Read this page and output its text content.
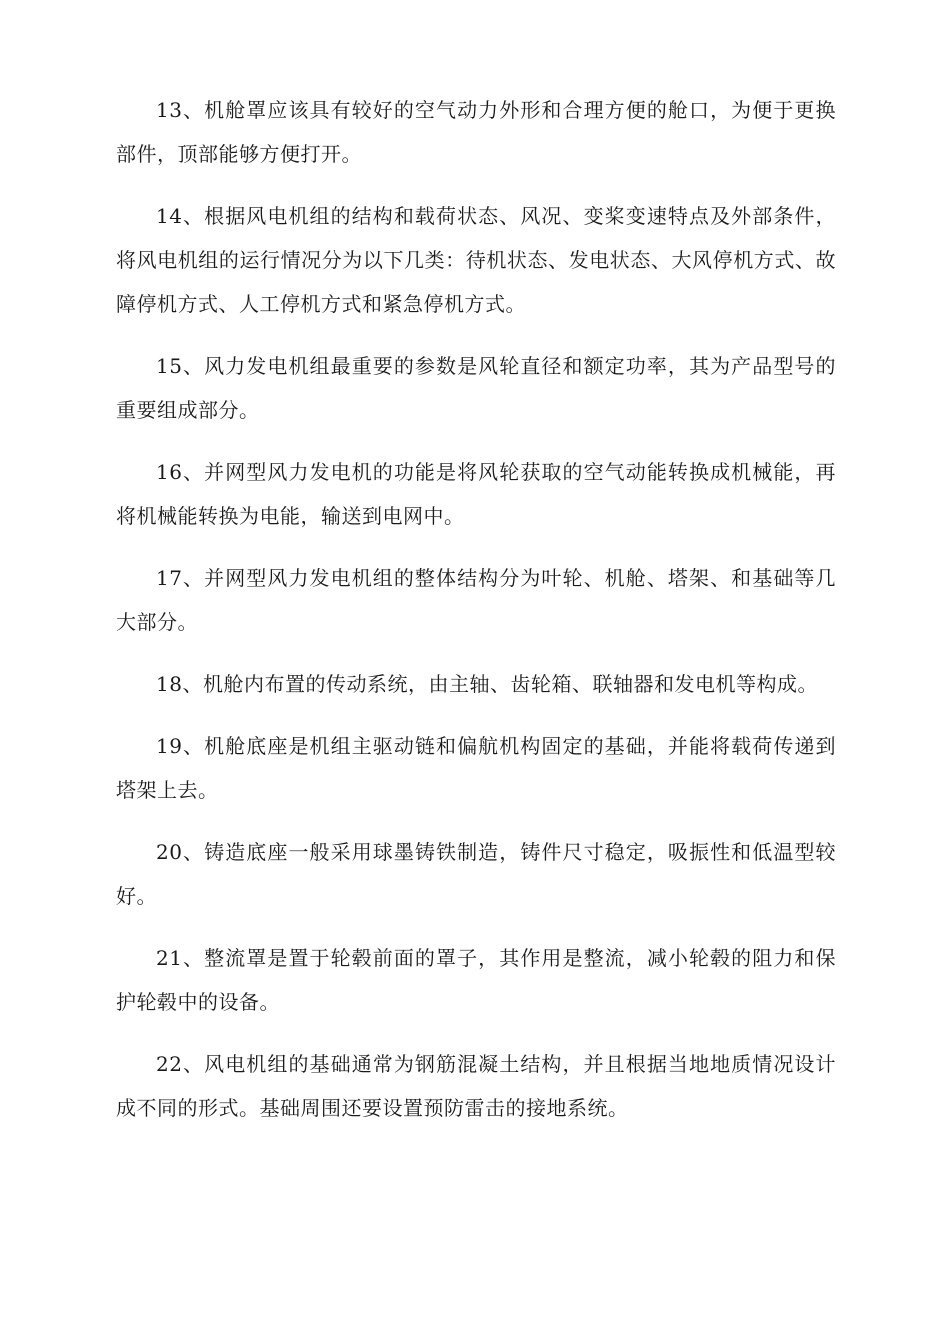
13、机舱罩应该具有较好的空气动力外形和合理方便的舱口，为便于更换部件，顶部能够方便打开。

14、根据风电机组的结构和载荷状态、风况、变桨变速特点及外部条件，将风电机组的运行情况分为以下几类：待机状态、发电状态、大风停机方式、故障停机方式、人工停机方式和紧急停机方式。

15、风力发电机组最重要的参数是风轮直径和额定功率，其为产品型号的重要组成部分。

16、并网型风力发电机的功能是将风轮获取的空气动能转换成机械能，再将机械能转换为电能，输送到电网中。

17、并网型风力发电机组的整体结构分为叶轮、机舱、塔架、和基础等几大部分。

18、机舱内布置的传动系统，由主轴、齿轮箱、联轴器和发电机等构成。

19、机舱底座是机组主驱动链和偏航机构固定的基础，并能将载荷传递到塔架上去。

20、铸造底座一般采用球墨铸铁制造，铸件尺寸稳定，吸振性和低温型较好。

21、整流罩是置于轮毂前面的罩子，其作用是整流，减小轮毂的阻力和保护轮毂中的设备。

22、风电机组的基础通常为钢筋混凝土结构，并且根据当地地质情况设计成不同的形式。基础周围还要设置预防雷击的接地系统。
